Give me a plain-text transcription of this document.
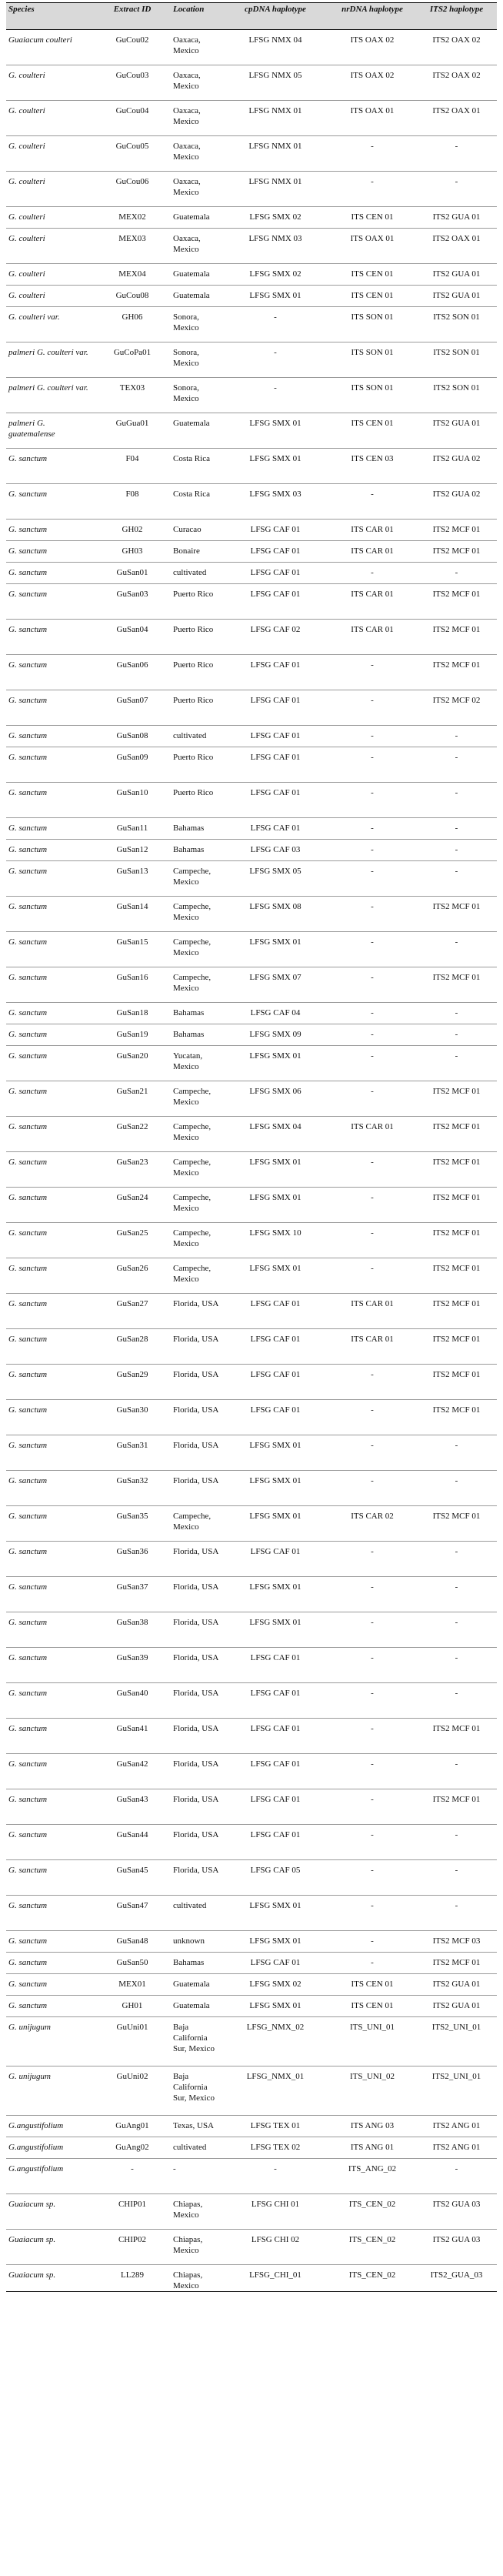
Species	Extract ID	Location	cpDNA haplotype	nrDNA haplotype	ITS2 haplotype
Guaiacum coulteri	GuCou02	Oaxaca, Mexico	LFSG NMX 04	ITS OAX 02	ITS2 OAX 02
G. coulteri	GuCou03	Oaxaca, Mexico	LFSG NMX 05	ITS OAX 02	ITS2 OAX 02
G. coulteri	GuCou04	Oaxaca, Mexico	LFSG NMX 01	ITS OAX 01	ITS2 OAX 01
G. coulteri	GuCou05	Oaxaca, Mexico	LFSG NMX 01	-	-
G. coulteri	GuCou06	Oaxaca, Mexico	LFSG NMX 01	-	-
G. coulteri	MEX02	Guatemala	LFSG SMX 02	ITS CEN 01	ITS2 GUA 01
G. coulteri	MEX03	Oaxaca, Mexico	LFSG NMX 03	ITS OAX 01	ITS2 OAX 01
G. coulteri	MEX04	Guatemala	LFSG SMX 02	ITS CEN 01	ITS2 GUA 01
G. coulteri	GuCou08	Guatemala	LFSG SMX 01	ITS CEN 01	ITS2 GUA 01
G. coulteri var.	GH06	Sonora, Mexico	-	ITS SON 01	ITS2 SON 01
palmeri G. coulteri var.	GuCoPa01	Sonora, Mexico	-	ITS SON 01	ITS2 SON 01
palmeri G. coulteri var.	TEX03	Sonora, Mexico	-	ITS SON 01	ITS2 SON 01
palmeri G. guatemalense	GuGua01	Guatemala	LFSG SMX 01	ITS CEN 01	ITS2 GUA 01
G. sanctum	F04	Costa Rica	LFSG SMX 01	ITS CEN 03	ITS2 GUA 02
G. sanctum	F08	Costa Rica	LFSG SMX 03	-	ITS2 GUA 02
G. sanctum	GH02	Curacao	LFSG CAF 01	ITS CAR 01	ITS2 MCF 01
G. sanctum	GH03	Bonaire	LFSG CAF 01	ITS CAR 01	ITS2 MCF 01
G. sanctum	GuSan01	cultivated	LFSG CAF 01	-	-
G. sanctum	GuSan03	Puerto Rico	LFSG CAF 01	ITS CAR 01	ITS2 MCF 01
G. sanctum	GuSan04	Puerto Rico	LFSG CAF 02	ITS CAR 01	ITS2 MCF 01
G. sanctum	GuSan06	Puerto Rico	LFSG CAF 01	-	ITS2 MCF 01
G. sanctum	GuSan07	Puerto Rico	LFSG CAF 01	-	ITS2 MCF 02
G. sanctum	GuSan08	cultivated	LFSG CAF 01	-	-
G. sanctum	GuSan09	Puerto Rico	LFSG CAF 01	-	-
G. sanctum	GuSan10	Puerto Rico	LFSG CAF 01	-	-
G. sanctum	GuSan11	Bahamas	LFSG CAF 01	-	-
G. sanctum	GuSan12	Bahamas	LFSG CAF 03	-	-
G. sanctum	GuSan13	Campeche, Mexico	LFSG SMX 05	-	-
G. sanctum	GuSan14	Campeche, Mexico	LFSG SMX 08	-	ITS2 MCF 01
G. sanctum	GuSan15	Campeche, Mexico	LFSG SMX 01	-	-
G. sanctum	GuSan16	Campeche, Mexico	LFSG SMX 07	-	ITS2 MCF 01
G. sanctum	GuSan18	Bahamas	LFSG CAF 04	-	-
G. sanctum	GuSan19	Bahamas	LFSG SMX 09	-	-
G. sanctum	GuSan20	Yucatan, Mexico	LFSG SMX 01	-	-
G. sanctum	GuSan21	Campeche, Mexico	LFSG SMX 06	-	ITS2 MCF 01
G. sanctum	GuSan22	Campeche, Mexico	LFSG SMX 04	ITS CAR 01	ITS2 MCF 01
G. sanctum	GuSan23	Campeche, Mexico	LFSG SMX 01	-	ITS2 MCF 01
G. sanctum	GuSan24	Campeche, Mexico	LFSG SMX 01	-	ITS2 MCF 01
G. sanctum	GuSan25	Campeche, Mexico	LFSG SMX 10	-	ITS2 MCF 01
G. sanctum	GuSan26	Campeche, Mexico	LFSG SMX 01	-	ITS2 MCF 01
G. sanctum	GuSan27	Florida, USA	LFSG CAF 01	ITS CAR 01	ITS2 MCF 01
G. sanctum	GuSan28	Florida, USA	LFSG CAF 01	ITS CAR 01	ITS2 MCF 01
G. sanctum	GuSan29	Florida, USA	LFSG CAF 01	-	ITS2 MCF 01
G. sanctum	GuSan30	Florida, USA	LFSG CAF 01	-	ITS2 MCF 01
G. sanctum	GuSan31	Florida, USA	LFSG SMX 01	-	-
G. sanctum	GuSan32	Florida, USA	LFSG SMX 01	-	-
G. sanctum	GuSan35	Campeche, Mexico	LFSG SMX 01	ITS CAR 02	ITS2 MCF 01
G. sanctum	GuSan36	Florida, USA	LFSG CAF 01	-	-
G. sanctum	GuSan37	Florida, USA	LFSG SMX 01	-	-
G. sanctum	GuSan38	Florida, USA	LFSG SMX 01	-	-
G. sanctum	GuSan39	Florida, USA	LFSG CAF 01	-	-
G. sanctum	GuSan40	Florida, USA	LFSG CAF 01	-	-
G. sanctum	GuSan41	Florida, USA	LFSG CAF 01	-	ITS2 MCF 01
G. sanctum	GuSan42	Florida, USA	LFSG CAF 01	-	-
G. sanctum	GuSan43	Florida, USA	LFSG CAF 01	-	ITS2 MCF 01
G. sanctum	GuSan44	Florida, USA	LFSG CAF 01	-	-
G. sanctum	GuSan45	Florida, USA	LFSG CAF 05	-	-
G. sanctum	GuSan47	cultivated	LFSG SMX 01	-	-
G. sanctum	GuSan48	unknown	LFSG SMX 01	-	ITS2 MCF 03
G. sanctum	GuSan50	Bahamas	LFSG CAF 01	-	ITS2 MCF 01
G. sanctum	MEX01	Guatemala	LFSG SMX 02	ITS CEN 01	ITS2 GUA 01
G. sanctum	GH01	Guatemala	LFSG SMX 01	ITS CEN 01	ITS2 GUA 01
G. unijugum	GuUni01	Baja California Sur, Mexico	LFSG_NMX_02	ITS_UNI_01	ITS2_UNI_01
G. unijugum	GuUni02	Baja California Sur, Mexico	LFSG_NMX_01	ITS_UNI_02	ITS2_UNI_01
G.angustifolium	GuAng01	Texas, USA	LFSG TEX 01	ITS ANG 03	ITS2 ANG 01
G.angustifolium	GuAng02	cultivated	LFSG TEX 02	ITS ANG 01	ITS2 ANG 01
G.angustifolium	-	-	-	ITS_ANG_02	-
Guaiacum sp.	CHIP01	Chiapas, Mexico	LFSG CHI 01	ITS_CEN_02	ITS2 GUA 03
Guaiacum sp.	CHIP02	Chiapas, Mexico	LFSG CHI 02	ITS_CEN_02	ITS2 GUA 03
Guaiacum sp.	LL289	Chiapas, Mexico	LFSG_CHI_01	ITS_CEN_02	ITS2_GUA_03
